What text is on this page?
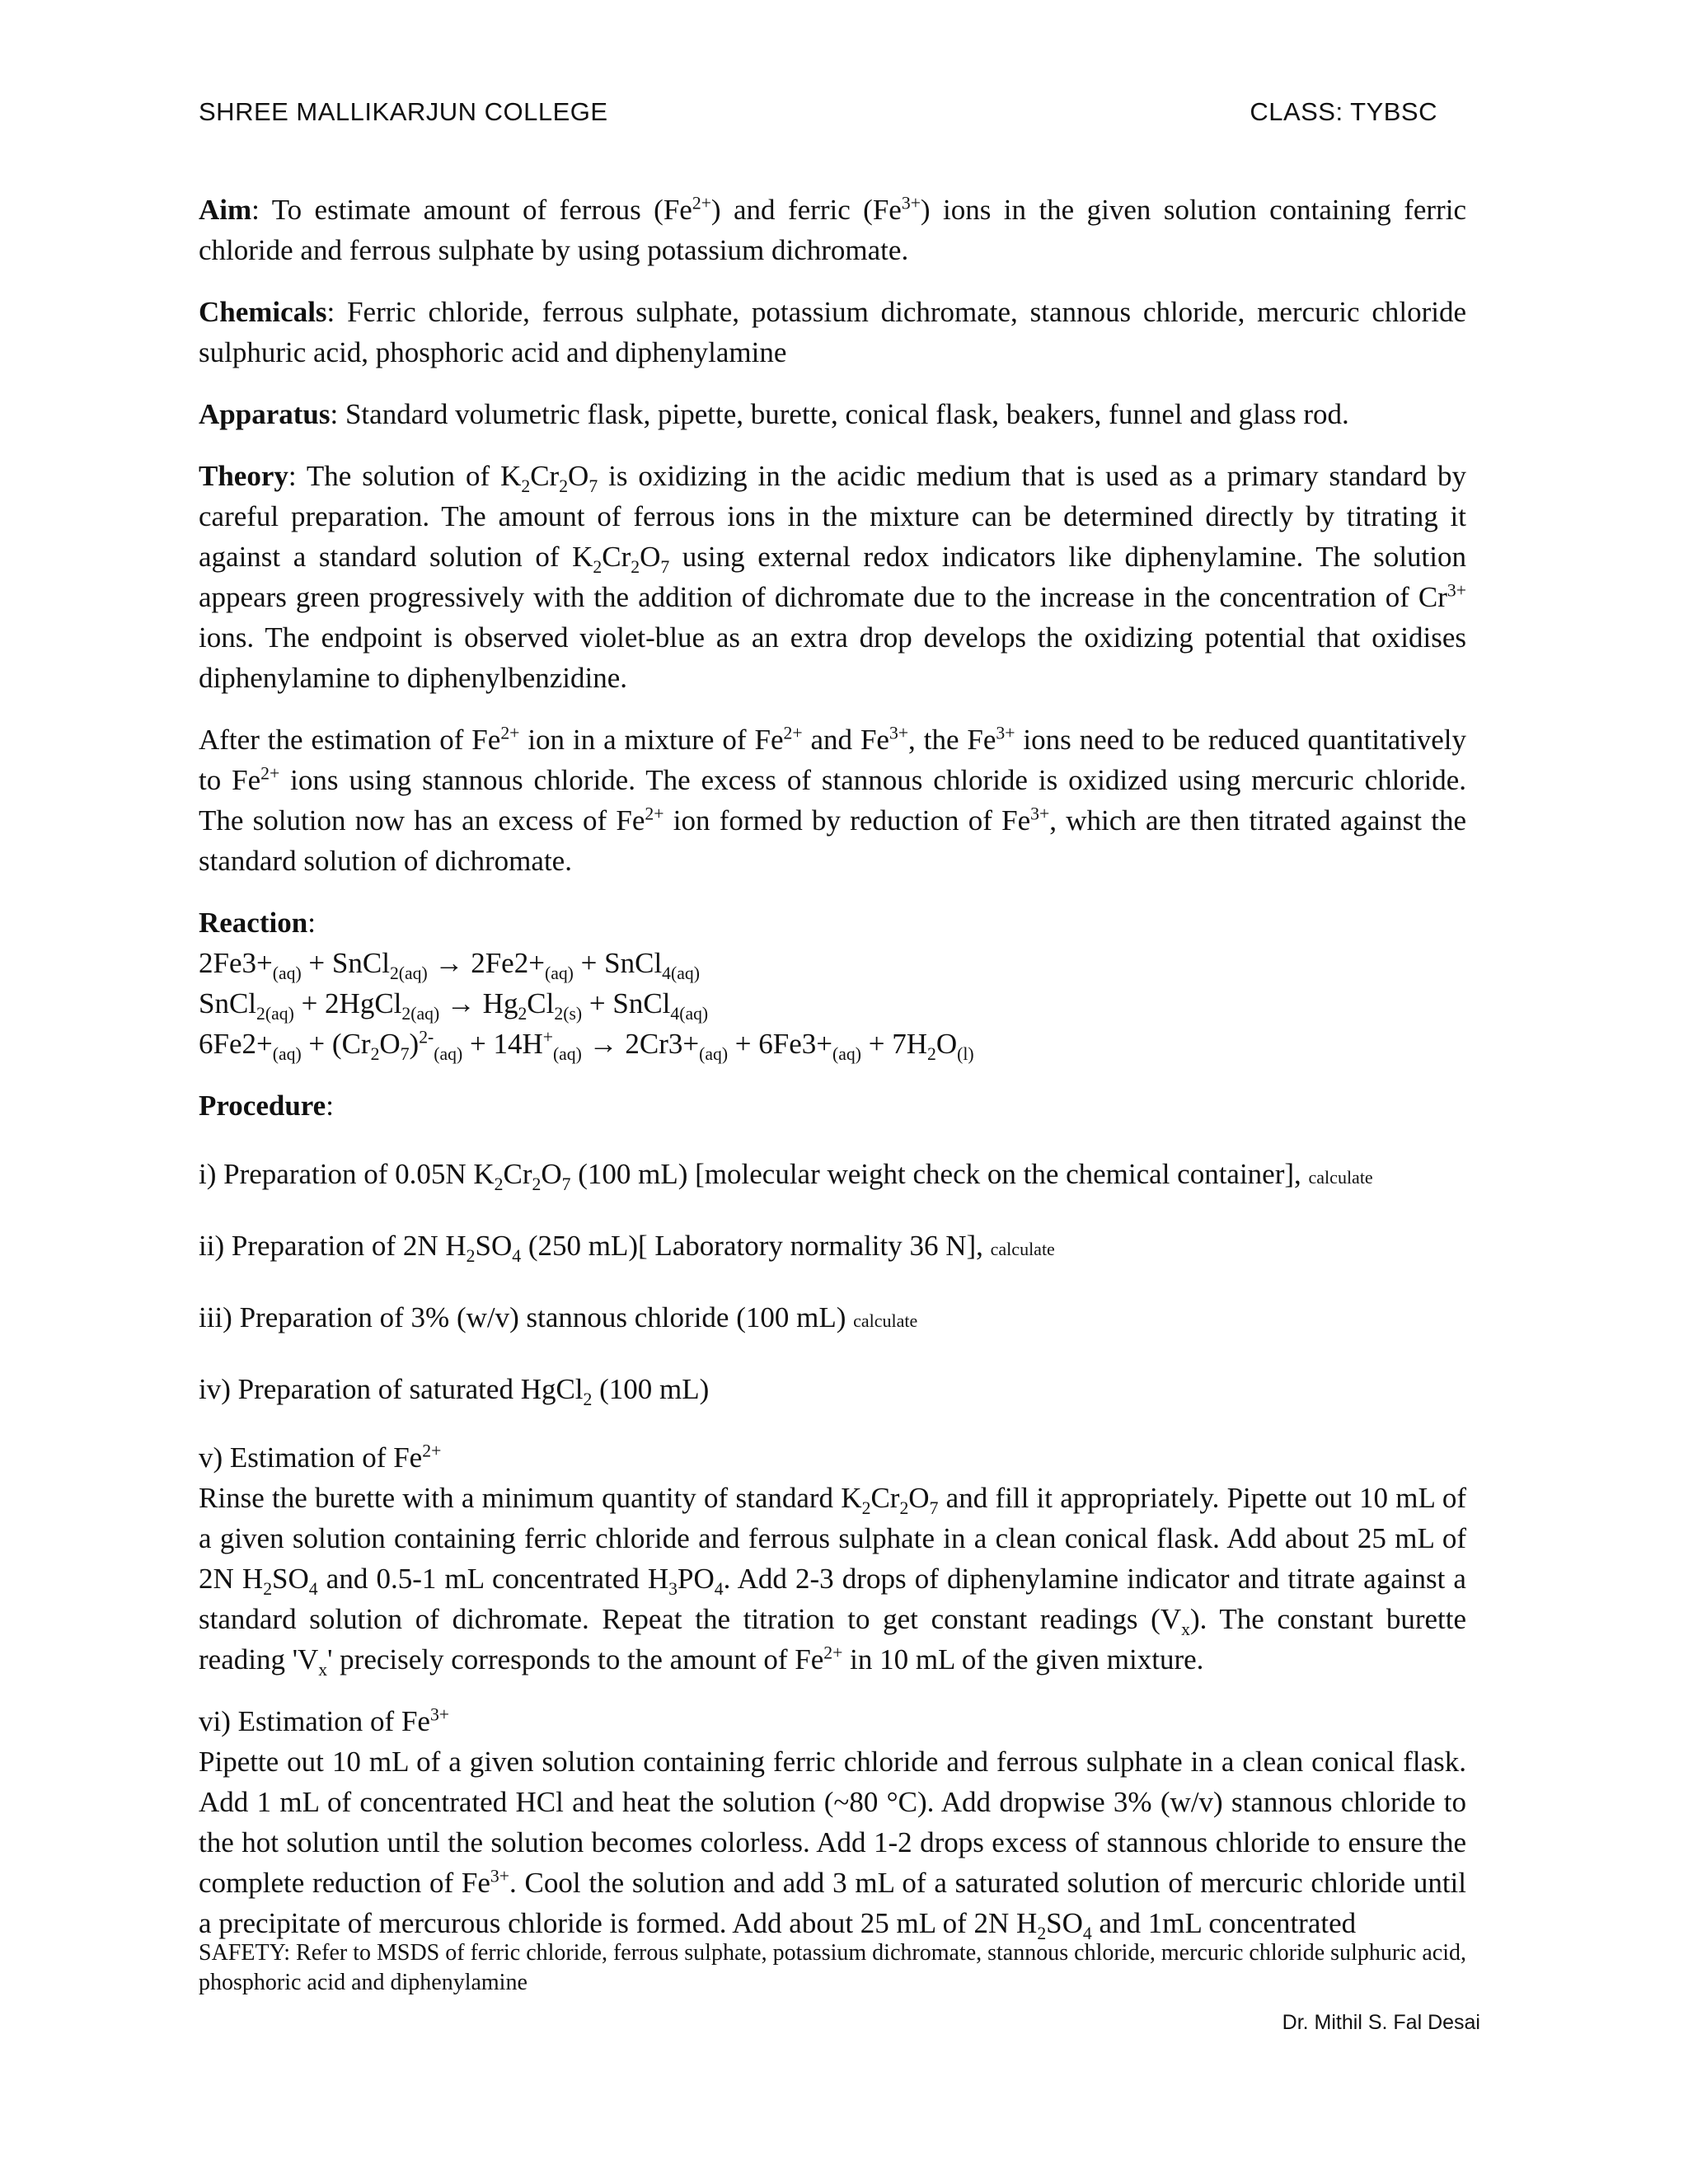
SHREE MALLIKARJUN COLLEGE	CLASS: TYBSC

Aim: To estimate amount of ferrous $(Fe^{2+})$ and ferric $(Fe^{3+})$ ions in the given solution containing ferric chloride and ferrous sulphate by using potassium dichromate.

Chemicals: Ferric chloride, ferrous sulphate, potassium dichromate, stannous chloride, mercuric chloride sulphuric acid, phosphoric acid and diphenylamine

Apparatus: Standard volumetric flask, pipette, burette, conical flask, beakers, funnel and glass rod.

Theory: The solution of $K_2Cr_2O_7$ is oxidizing in the acidic medium that is used as a primary standard by careful preparation. The amount of ferrous ions in the mixture can be determined directly by titrating it against a standard solution of $K_2Cr_2O_7$ using external redox indicators like diphenylamine. The solution appears green progressively with the addition of dichromate due to the increase in the concentration of $Cr^{3+}$ ions. The endpoint is observed violet-blue as an extra drop develops the oxidizing potential that oxidises diphenylamine to diphenylbenzidine.

After the estimation of $Fe^{2+}$ ion in a mixture of $Fe^{2+}$ and $Fe^{3+}$, the $Fe^{3+}$ ions need to be reduced quantitatively to $Fe^{2+}$ ions using stannous chloride. The excess of stannous chloride is oxidized using mercuric chloride. The solution now has an excess of $Fe^{2+}$ ion formed by reduction of $Fe^{3+}$, which are then titrated against the standard solution of dichromate.

Reaction:
$2Fe3+_{(aq)}$ + SnCl$_{2(aq)}$ → $2Fe2+_{(aq)}$ + SnCl$_{4(aq)}$
SnCl$_{2(aq)}$ + 2HgCl$_{2(aq)}$ → $Hg_2Cl_{2(s)}$ + SnCl$_{4(aq)}$
$6Fe2+_{(aq)} + (Cr_2O_7)^{2-}_{(aq)} + 14H^+_{(aq)} \to 2Cr3+_{(aq)} + 6Fe3+_{(aq)} + 7H_2O_{(l)}$

Procedure:

i) Preparation of 0.05N $K_2Cr_2O_7$ (100 mL) [molecular weight check on the chemical container], calculate

ii) Preparation of 2N $H_2SO_4$ (250 mL)[ Laboratory normality 36 N], calculate

iii) Preparation of 3% (w/v) stannous chloride (100 mL) calculate

iv) Preparation of saturated HgCl$_2$ (100 mL)

v) Estimation of $Fe^{2+}$
Rinse the burette with a minimum quantity of standard $K_2Cr_2O_7$ and fill it appropriately. Pipette out 10 mL of a given solution containing ferric chloride and ferrous sulphate in a clean conical flask. Add about 25 mL of 2N $H_2SO_4$ and 0.5-1 mL concentrated $H_3PO_4$. Add 2-3 drops of diphenylamine indicator and titrate against a standard solution of dichromate. Repeat the titration to get constant readings $(V_x)$. The constant burette reading '$V_x$' precisely corresponds to the amount of $Fe^{2+}$ in 10 mL of the given mixture.
vi) Estimation of $Fe^{3+}$
Pipette out 10 mL of a given solution containing ferric chloride and ferrous sulphate in a clean conical flask. Add 1 mL of concentrated HCl and heat the solution (~80 °C). Add dropwise 3% (w/v) stannous chloride to the hot solution until the solution becomes colorless. Add 1-2 drops excess of stannous chloride to ensure the complete reduction of $Fe^{3+}$. Cool the solution and add 3 mL of a saturated solution of mercuric chloride until a precipitate of mercurous chloride is formed. Add about 25 mL of 2N $H_2SO_4$ and 1mL concentrated
SAFETY: Refer to MSDS of ferric chloride, ferrous sulphate, potassium dichromate, stannous chloride, mercuric chloride sulphuric acid, phosphoric acid and diphenylamine
Dr. Mithil S. Fal Desai
